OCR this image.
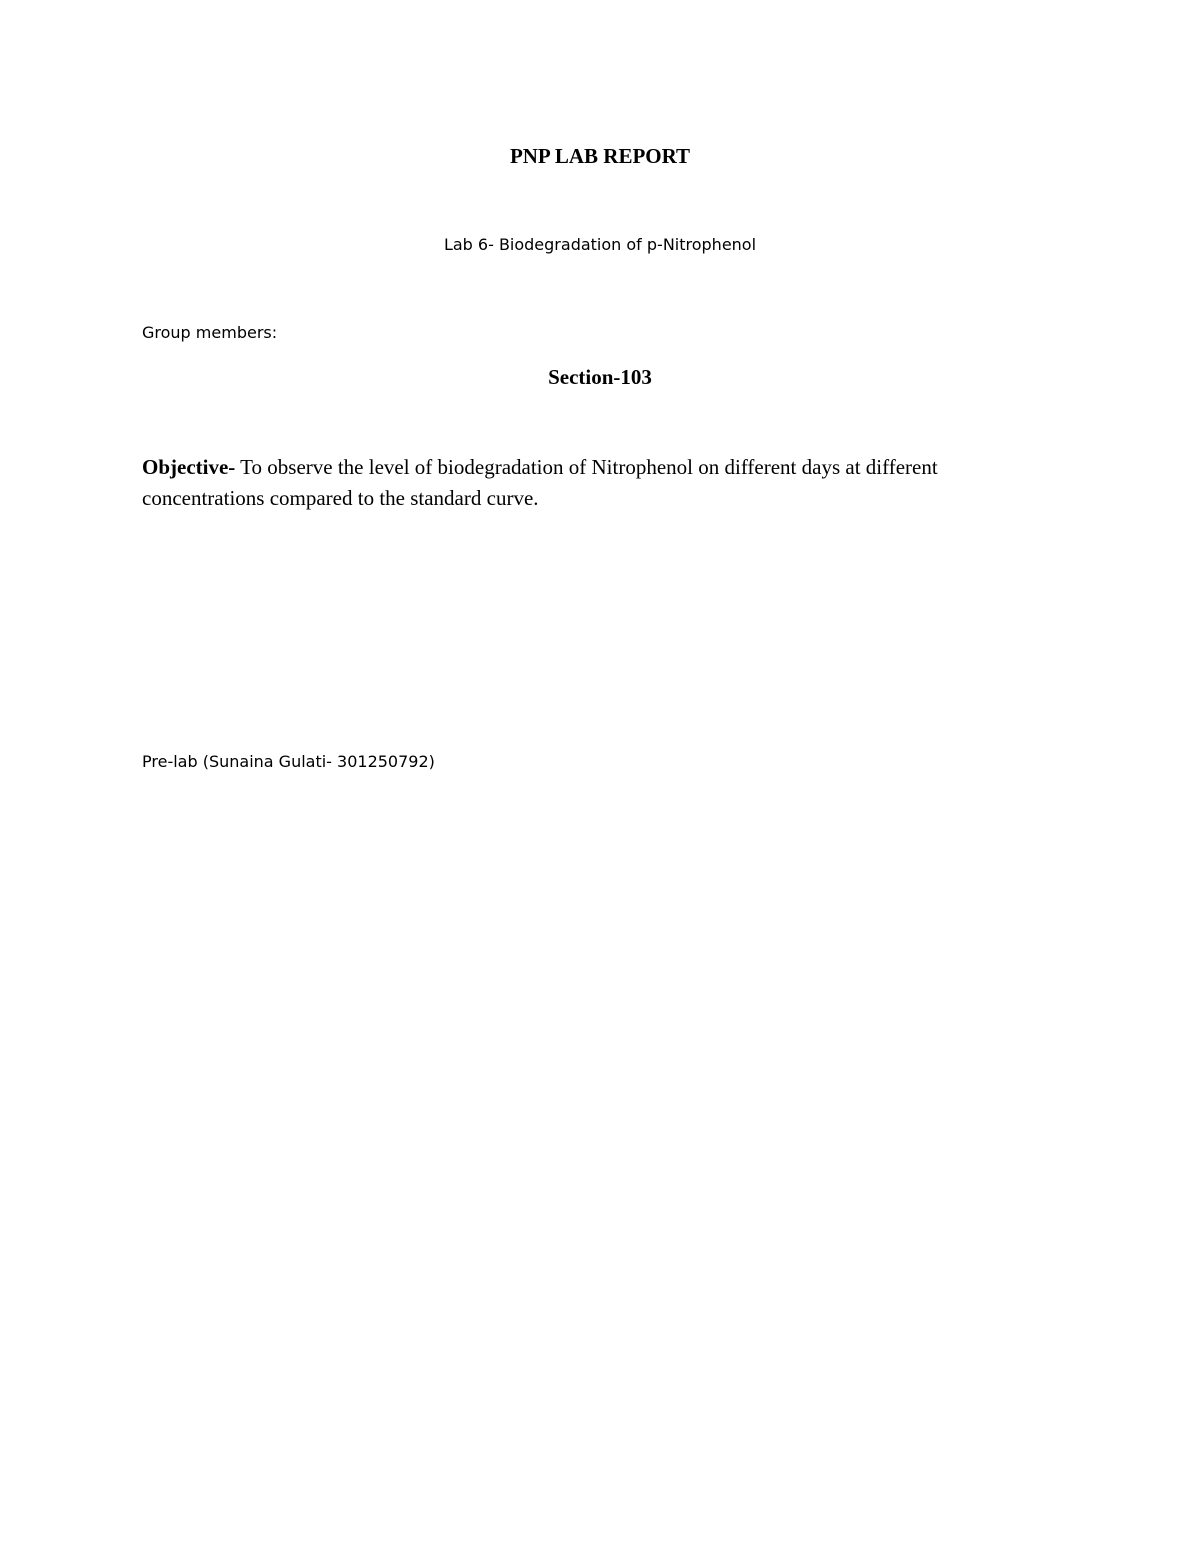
PNP LAB REPORT

Lab 6- Biodegradation of p-Nitrophenol

Group members:

Section-103

Objective- To observe the level of biodegradation of Nitrophenol on different days at different concentrations compared to the standard curve.

Pre-lab (Sunaina Gulati- 301250792)
